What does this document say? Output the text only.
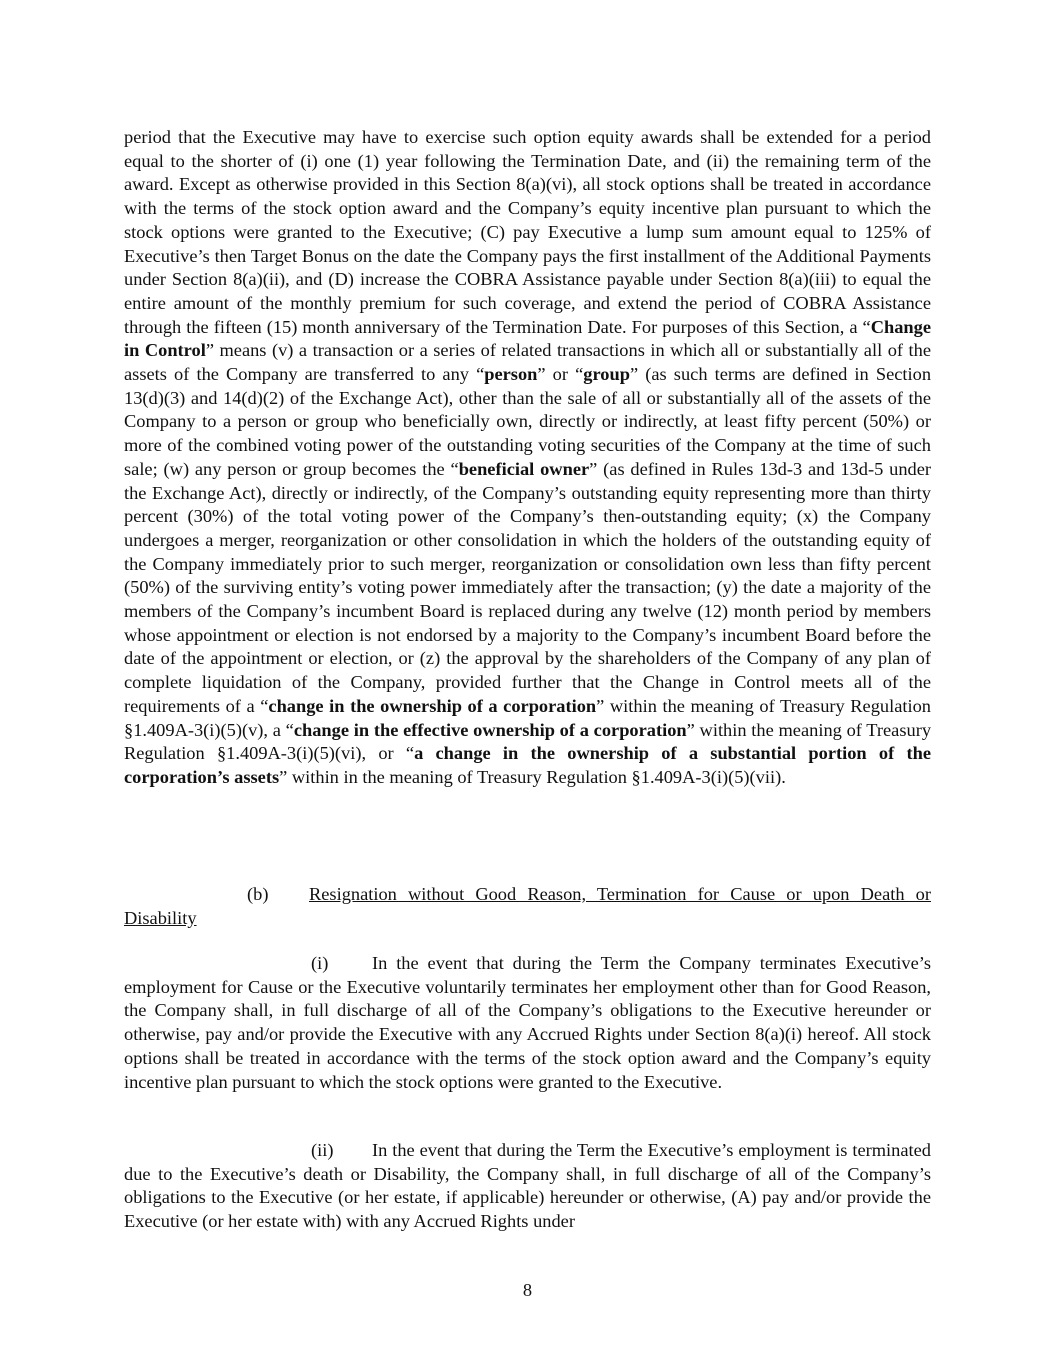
period that the Executive may have to exercise such option equity awards shall be extended for a period equal to the shorter of (i) one (1) year following the Termination Date, and (ii) the remaining term of the award. Except as otherwise provided in this Section 8(a)(vi), all stock options shall be treated in accordance with the terms of the stock option award and the Company’s equity incentive plan pursuant to which the stock options were granted to the Executive; (C) pay Executive a lump sum amount equal to 125% of Executive’s then Target Bonus on the date the Company pays the first installment of the Additional Payments under Section 8(a)(ii), and (D) increase the COBRA Assistance payable under Section 8(a)(iii) to equal the entire amount of the monthly premium for such coverage, and extend the period of COBRA Assistance through the fifteen (15) month anniversary of the Termination Date. For purposes of this Section, a “Change in Control” means (v) a transaction or a series of related transactions in which all or substantially all of the assets of the Company are transferred to any “person” or “group” (as such terms are defined in Section 13(d)(3) and 14(d)(2) of the Exchange Act), other than the sale of all or substantially all of the assets of the Company to a person or group who beneficially own, directly or indirectly, at least fifty percent (50%) or more of the combined voting power of the outstanding voting securities of the Company at the time of such sale; (w) any person or group becomes the “beneficial owner” (as defined in Rules 13d-3 and 13d-5 under the Exchange Act), directly or indirectly, of the Company’s outstanding equity representing more than thirty percent (30%) of the total voting power of the Company’s then-outstanding equity; (x) the Company undergoes a merger, reorganization or other consolidation in which the holders of the outstanding equity of the Company immediately prior to such merger, reorganization or consolidation own less than fifty percent (50%) of the surviving entity’s voting power immediately after the transaction; (y) the date a majority of the members of the Company’s incumbent Board is replaced during any twelve (12) month period by members whose appointment or election is not endorsed by a majority to the Company’s incumbent Board before the date of the appointment or election, or (z) the approval by the shareholders of the Company of any plan of complete liquidation of the Company, provided further that the Change in Control meets all of the requirements of a “change in the ownership of a corporation” within the meaning of Treasury Regulation §1.409A-3(i)(5)(v), a “change in the effective ownership of a corporation” within the meaning of Treasury Regulation §1.409A-3(i)(5)(vi), or “a change in the ownership of a substantial portion of the corporation’s assets” within in the meaning of Treasury Regulation §1.409A-3(i)(5)(vii).

(b) Resignation without Good Reason, Termination for Cause or upon Death or Disability

(i) In the event that during the Term the Company terminates Executive’s employment for Cause or the Executive voluntarily terminates her employment other than for Good Reason, the Company shall, in full discharge of all of the Company’s obligations to the Executive hereunder or otherwise, pay and/or provide the Executive with any Accrued Rights under Section 8(a)(i) hereof. All stock options shall be treated in accordance with the terms of the stock option award and the Company’s equity incentive plan pursuant to which the stock options were granted to the Executive.

(ii) In the event that during the Term the Executive’s employment is terminated due to the Executive’s death or Disability, the Company shall, in full discharge of all of the Company’s obligations to the Executive (or her estate, if applicable) hereunder or otherwise, (A) pay and/or provide the Executive (or her estate with) with any Accrued Rights under

8
